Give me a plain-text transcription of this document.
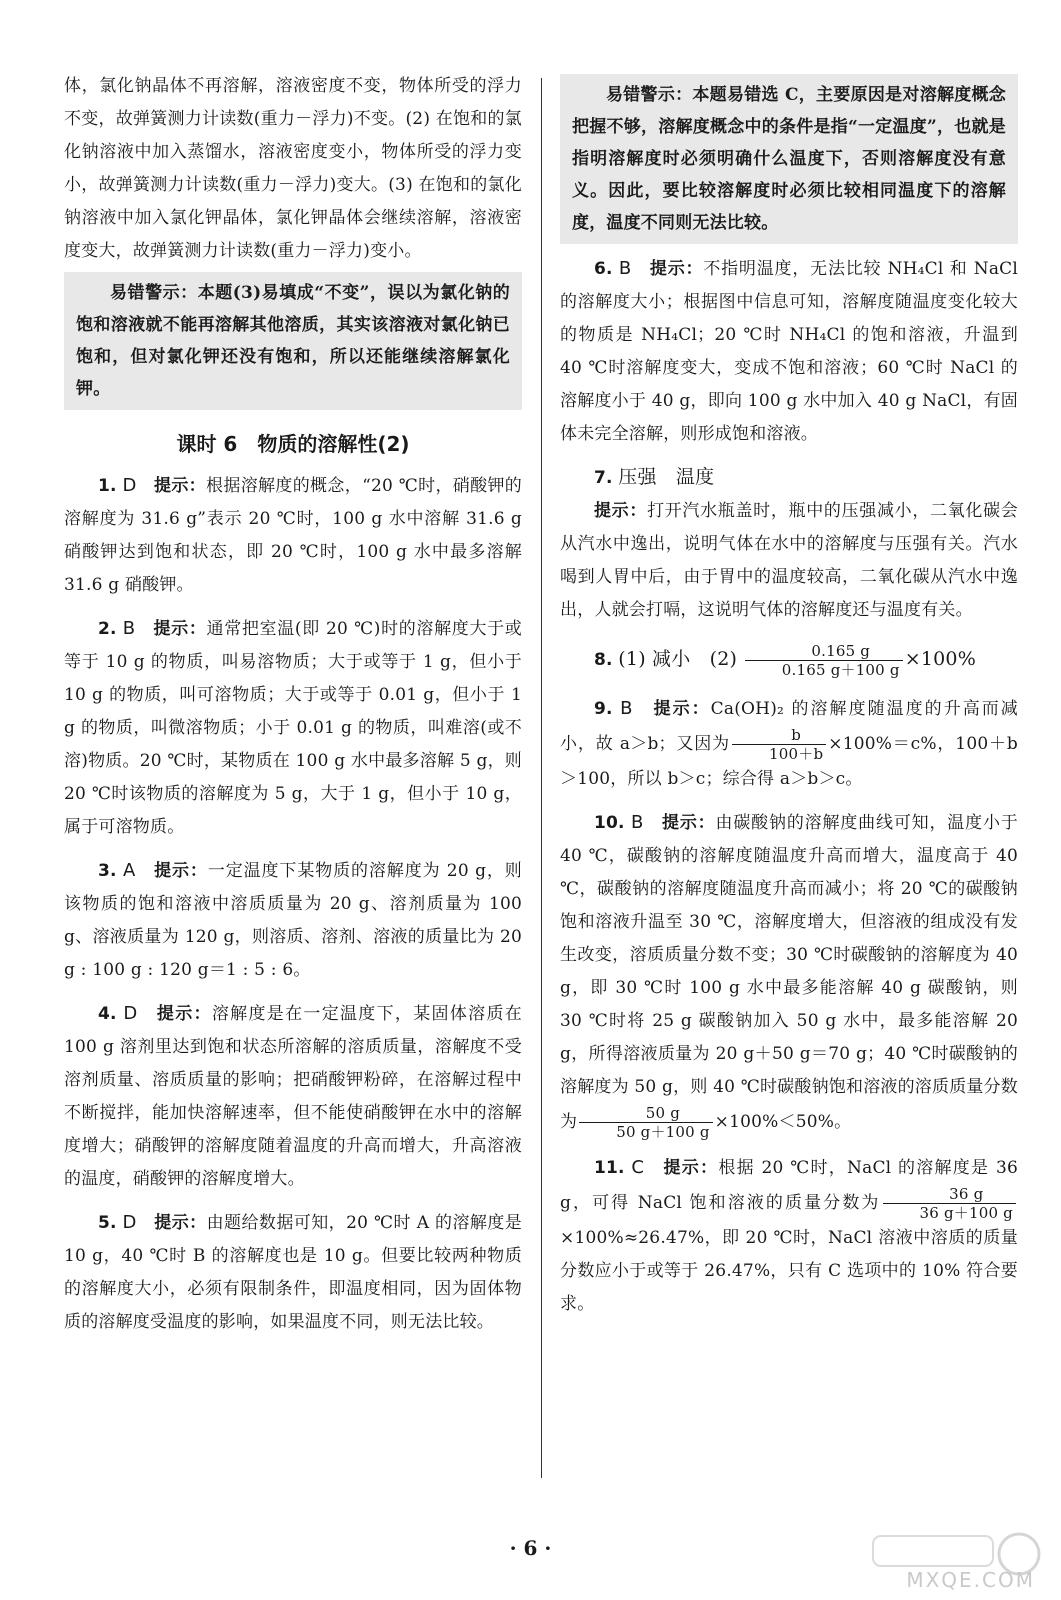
体，氯化钠晶体不再溶解，溶液密度不变，物体所受的浮力不变，故弹簧测力计读数(重力－浮力)不变。(2) 在饱和的氯化钠溶液中加入蒸馏水，溶液密度变小，物体所受的浮力变小，故弹簧测力计读数(重力－浮力)变大。(3) 在饱和的氯化钠溶液中加入氯化钾晶体，氯化钾晶体会继续溶解，溶液密度变大，故弹簧测力计读数(重力－浮力)变小。

易错警示：本题(3)易填成“不变”，误以为氯化钠的饱和溶液就不能再溶解其他溶质，其实该溶液对氯化钠已饱和，但对氯化钾还没有饱和，所以还能继续溶解氯化钾。

课时 6　物质的溶解性(2)

1. D　 提示：根据溶解度的概念，“20 ℃时，硝酸钾的溶解度为 31.6 g”表示 20 ℃时，100 g 水中溶解 31.6 g 硝酸钾达到饱和状态，即 20 ℃时，100 g 水中最多溶解 31.6 g 硝酸钾。

2. B　 提示：通常把室温(即 20 ℃)时的溶解度大于或等于 10 g 的物质，叫易溶物质；大于或等于 1 g，但小于 10 g 的物质，叫可溶物质；大于或等于 0.01 g，但小于 1 g 的物质，叫微溶物质；小于 0.01 g 的物质，叫难溶(或不溶)物质。20 ℃时，某物质在 100 g 水中最多溶解 5 g，则 20 ℃时该物质的溶解度为 5 g，大于 1 g，但小于 10 g，属于可溶物质。

3. A　 提示：一定温度下某物质的溶解度为 20 g，则该物质的饱和溶液中溶质质量为 20 g、溶剂质量为 100 g、溶液质量为 120 g，则溶质、溶剂、溶液的质量比为 20 g : 100 g : 120 g＝1 : 5 : 6。

4. D　 提示：溶解度是在一定温度下，某固体溶质在 100 g 溶剂里达到饱和状态所溶解的溶质质量，溶解度不受溶剂质量、溶质质量的影响；把硝酸钾粉碎，在溶解过程中不断搅拌，能加快溶解速率，但不能使硝酸钾在水中的溶解度增大；硝酸钾的溶解度随着温度的升高而增大，升高溶液的温度，硝酸钾的溶解度增大。

5. D　 提示：由题给数据可知，20 ℃时 A 的溶解度是 10 g，40 ℃时 B 的溶解度也是 10 g。但要比较两种物质的溶解度大小，必须有限制条件，即温度相同，因为固体物质的溶解度受温度的影响，如果温度不同，则无法比较。

易错警示：本题易错选 C，主要原因是对溶解度概念把握不够，溶解度概念中的条件是指“一定温度”，也就是指明溶解度时必须明确什么温度下，否则溶解度没有意义。因此，要比较溶解度时必须比较相同温度下的溶解度，温度不同则无法比较。

6. B　 提示：不指明温度，无法比较 NH₄Cl 和 NaCl 的溶解度大小；根据图中信息可知，溶解度随温度变化较大的物质是 NH₄Cl；20 ℃时 NH₄Cl 的饱和溶液，升温到 40 ℃时溶解度变大，变成不饱和溶液；60 ℃时 NaCl 的溶解度小于 40 g，即向 100 g 水中加入 40 g NaCl，有固体未完全溶解，则形成饱和溶液。

7. 压强　温度

提示：打开汽水瓶盖时，瓶中的压强减小，二氧化碳会从汽水中逸出，说明气体在水中的溶解度与压强有关。汽水喝到人胃中后，由于胃中的温度较高，二氧化碳从汽水中逸出，人就会打嗝，这说明气体的溶解度还与温度有关。

8. (1) 减小　$(2) \frac{0.165 g}{0.165 g+100 g} \times 100\%$

9. B　 提示：Ca(OH)₂ 的溶解度随温度的升高而减小，故 a＞b；又因为 $\frac{b}{100+b} \times 100\%=c\%$，100＋b＞100，所以 b＞c；综合得 a＞b＞c。

10. B　 提示：由碳酸钠的溶解度曲线可知，温度小于 40 ℃，碳酸钠的溶解度随温度升高而增大，温度高于 40 ℃，碳酸钠的溶解度随温度升高而减小；将 20 ℃的碳酸钠饱和溶液升温至 30 ℃，溶解度增大，但溶液的组成没有发生改变，溶质质量分数不变；30 ℃时碳酸钠的溶解度为 40 g，即 30 ℃时 100 g 水中最多能溶解 40 g 碳酸钠，则 30 ℃时将 25 g 碳酸钠加入 50 g 水中，最多能溶解 20 g，所得溶液质量为 20 g＋50 g＝70 g；40 ℃时碳酸钠的溶解度为 50 g，则 40 ℃时碳酸钠饱和溶液的溶质质量分数为 $\frac{50 g}{50 g+100 g} \times 100\%<50\%$。

11. C　 提示：根据 20 ℃时，NaCl 的溶解度是 36 g，可得 NaCl 饱和溶液的质量分数为 $\frac{36 g}{36 g+100 g}$
×100%≈26.47%，即 20 ℃时，NaCl 溶液中溶质的质量分数应小于或等于 26.47%，只有 C 选项中的 10% 符合要求。

· 6 ·
MXQE.COM
